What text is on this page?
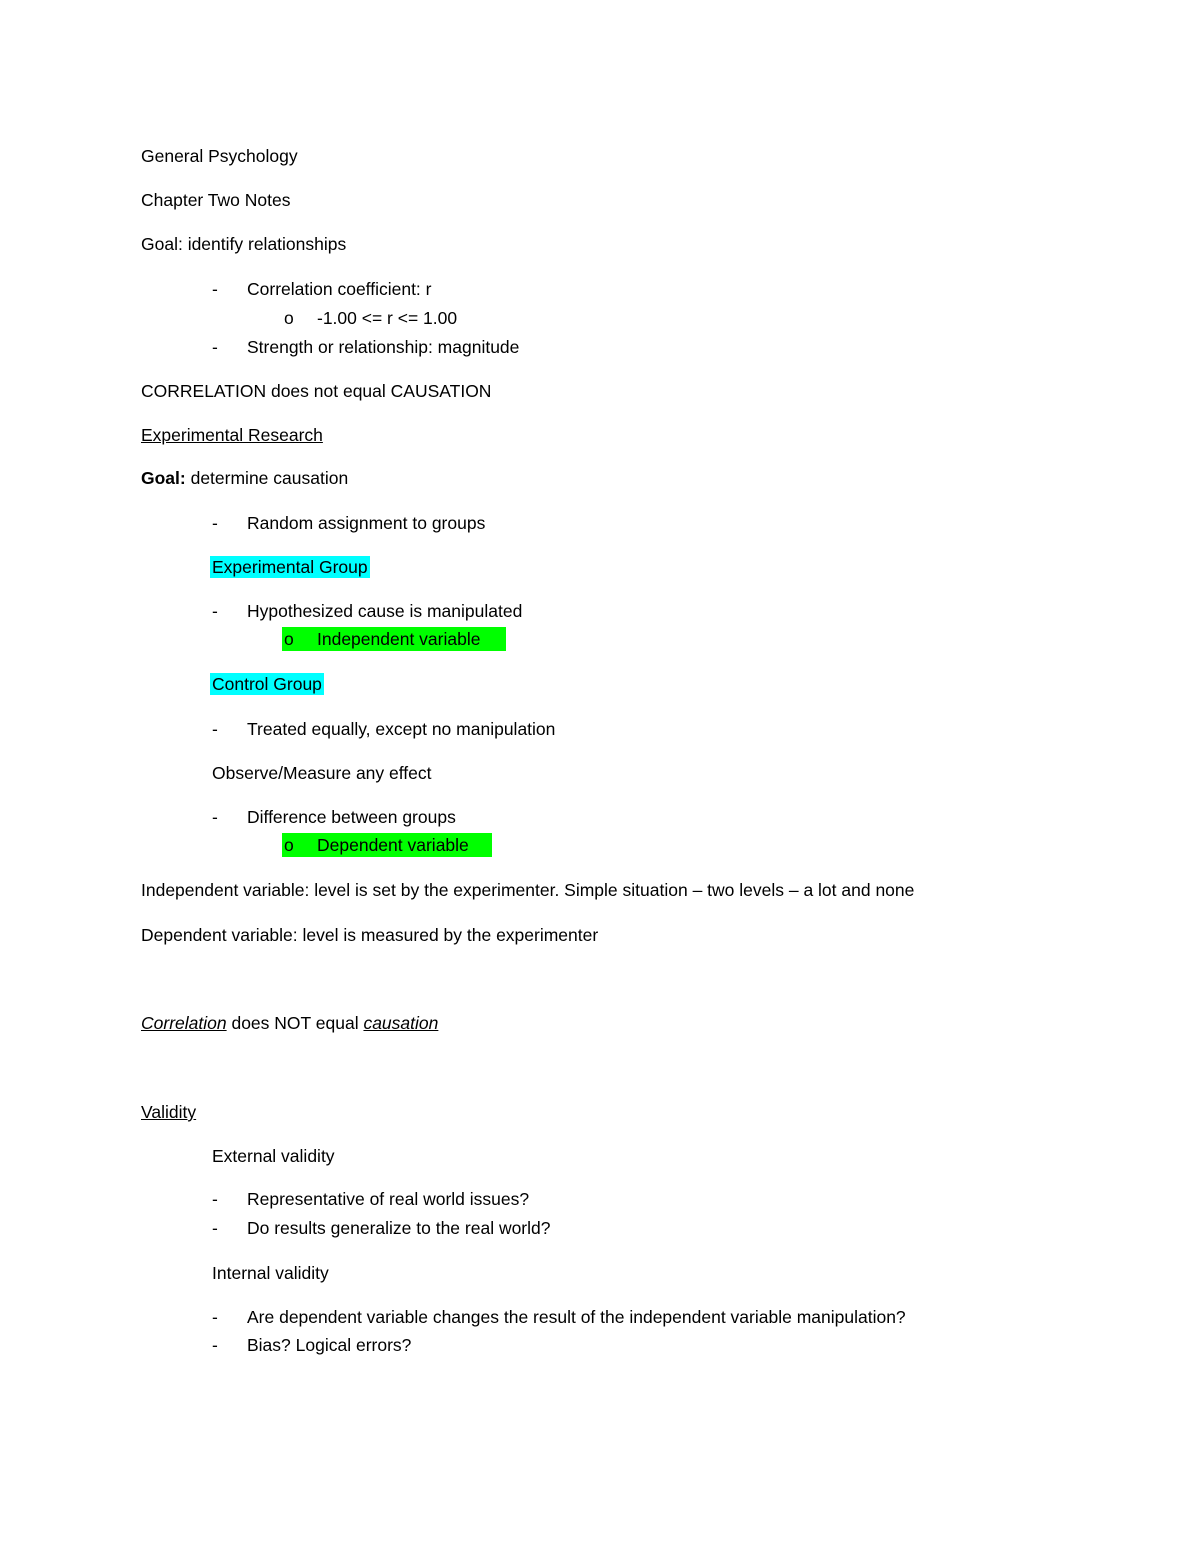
General Psychology
Chapter Two Notes
Goal: identify relationships
- Correlation coefficient: r
o -1.00 <= r <= 1.00
- Strength or relationship: magnitude
CORRELATION does not equal CAUSATION
Experimental Research
Goal: determine causation
- Random assignment to groups
Experimental Group
- Hypothesized cause is manipulated
o Independent variable
Control Group
- Treated equally, except no manipulation
Observe/Measure any effect
- Difference between groups
o Dependent variable
Independent variable: level is set by the experimenter. Simple situation – two levels – a lot and none
Dependent variable: level is measured by the experimenter
Correlation does NOT equal causation
Validity
External validity
- Representative of real world issues?
- Do results generalize to the real world?
Internal validity
- Are dependent variable changes the result of the independent variable manipulation?
- Bias? Logical errors?
